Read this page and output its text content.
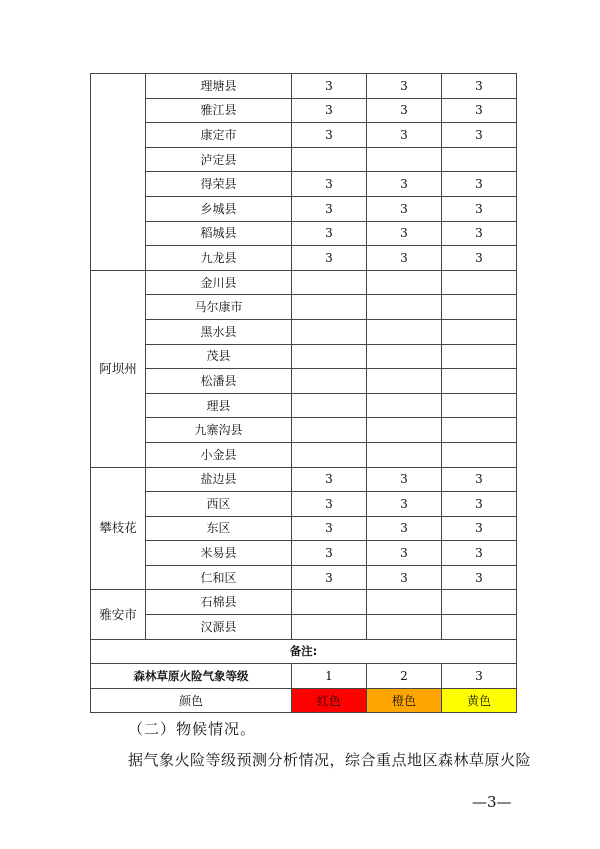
	理塘县	3	3	3	
	雅江县	3	3	3	
	康定市	3	3	3	
	泸定县				
	得荣县	3	3	3	
	乡城县	3	3	3	
	稻城县	3	3	3	
	九龙县	3	3	3	
阿坝州	金川县				
	马尔康市				
	黑水县				
	茂县				
	松潘县				
	理县				
	九寨沟县				
	小金县				
攀枝花	盐边县	3	3	3	
	西区	3	3	3	
	东区	3	3	3	
	米易县	3	3	3	
	仁和区	3	3	3	
雅安市	石棉县				
	汉源县				
备注:					
森林草原火险气象等级		1	2	3	
颜色		红色	橙色	黄色	
（二）物候情况。
据气象火险等级预测分析情况，综合重点地区森林草原火险
—3—
